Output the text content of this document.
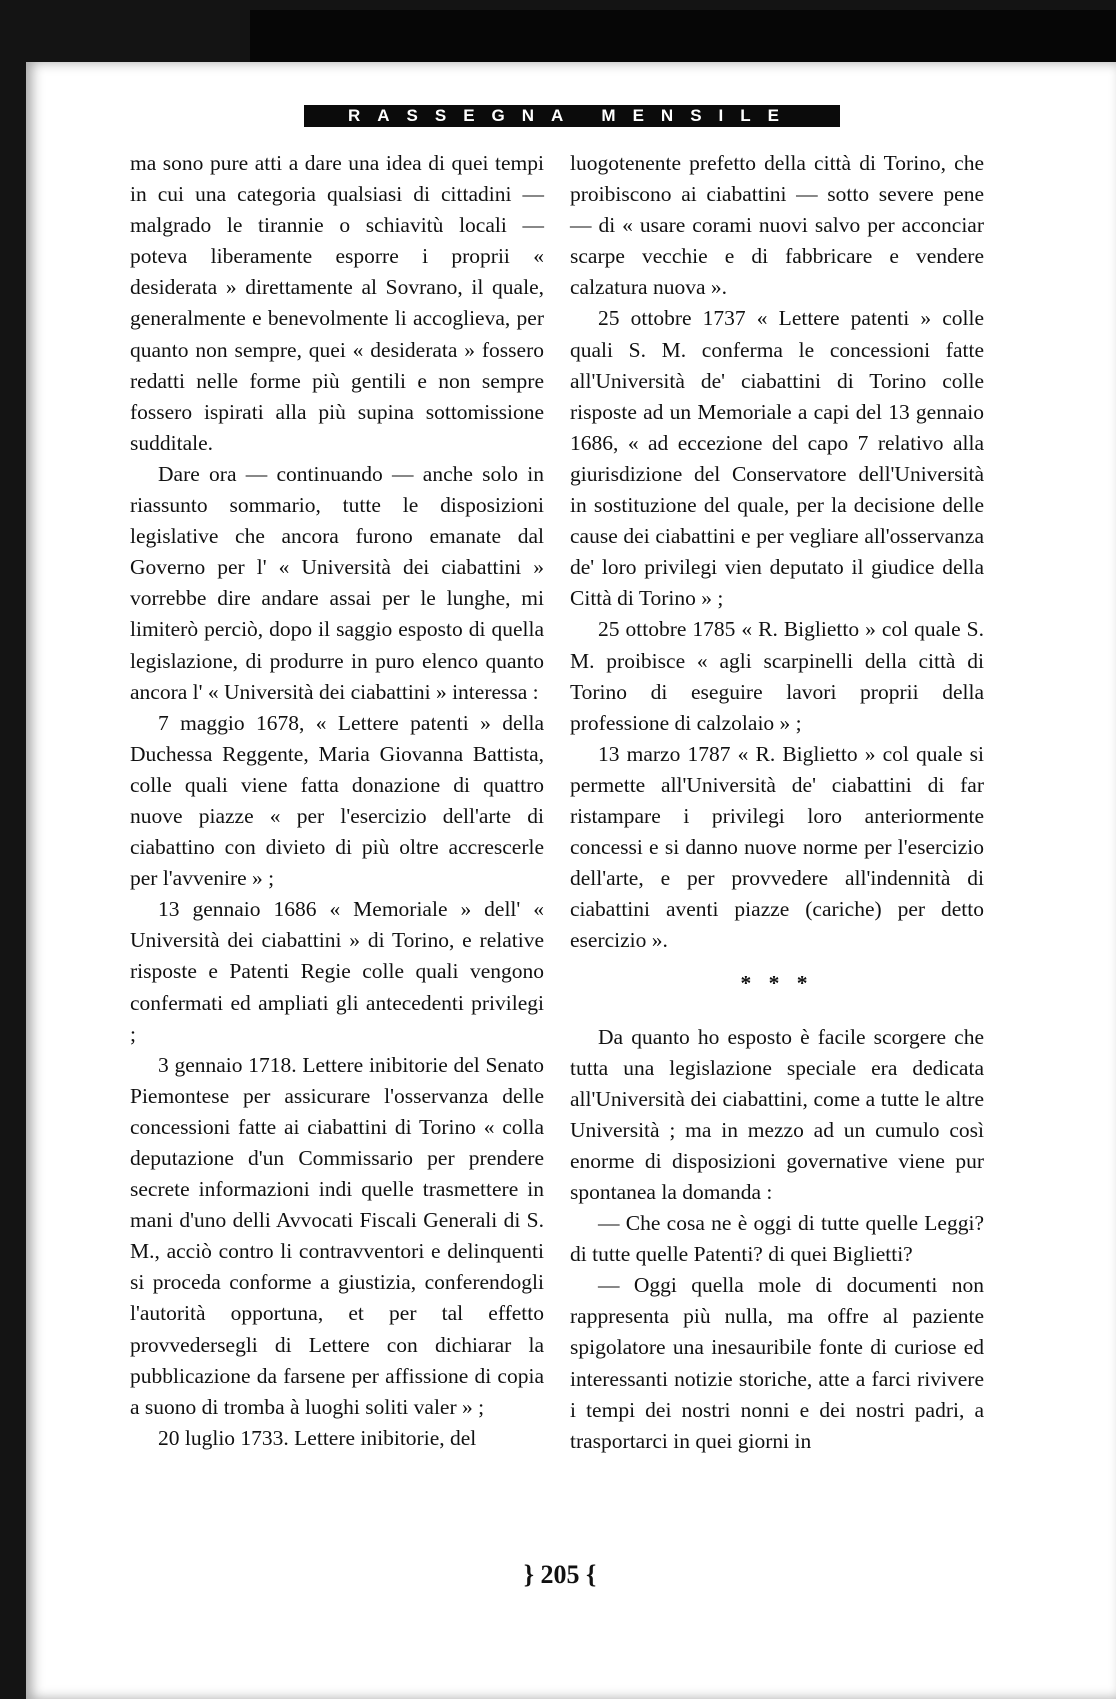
RASSEGNA MENSILE

ma sono pure atti a dare una idea di quei tempi in cui una categoria qualsiasi di cittadini — malgrado le tirannie o schiavitù locali — poteva liberamente esporre i proprii « desiderata » direttamente al Sovrano, il quale, generalmente e benevolmente li accoglieva, per quanto non sempre, quei « desiderata » fossero redatti nelle forme più gentili e non sempre fossero ispirati alla più supina sottomissione sudditale.

Dare ora — continuando — anche solo in riassunto sommario, tutte le disposizioni legislative che ancora furono emanate dal Governo per l' « Università dei ciabattini » vorrebbe dire andare assai per le lunghe, mi limiterò perciò, dopo il saggio esposto di quella legislazione, di produrre in puro elenco quanto ancora l' « Università dei ciabattini » interessa :

7 maggio 1678, « Lettere patenti » della Duchessa Reggente, Maria Giovanna Battista, colle quali viene fatta donazione di quattro nuove piazze « per l'esercizio dell'arte di ciabattino con divieto di più oltre accrescerle per l'avvenire » ;

13 gennaio 1686 « Memoriale » dell' « Università dei ciabattini » di Torino, e relative risposte e Patenti Regie colle quali vengono confermati ed ampliati gli antecedenti privilegi ;

3 gennaio 1718. Lettere inibitorie del Senato Piemontese per assicurare l'osservanza delle concessioni fatte ai ciabattini di Torino « colla deputazione d'un Commissario per prendere secrete informazioni indi quelle trasmettere in mani d'uno delli Avvocati Fiscali Generali di S. M., acciò contro li contravventori e delinquenti si proceda conforme a giustizia, conferendogli l'autorità opportuna, et per tal effetto provvedersegli di Lettere con dichiarar la pubblicazione da farsene per affissione di copia a suono di tromba à luoghi soliti valer » ;

20 luglio 1733. Lettere inibitorie, del

luogotenente prefetto della città di Torino, che proibiscono ai ciabattini — sotto severe pene — di « usare corami nuovi salvo per acconciar scarpe vecchie e di fabbricare e vendere calzatura nuova ».

25 ottobre 1737 « Lettere patenti » colle quali S. M. conferma le concessioni fatte all'Università de' ciabattini di Torino colle risposte ad un Memoriale a capi del 13 gennaio 1686, « ad eccezione del capo 7 relativo alla giurisdizione del Conservatore dell'Università in sostituzione del quale, per la decisione delle cause dei ciabattini e per vegliare all'osservanza de' loro privilegi vien deputato il giudice della Città di Torino » ;

25 ottobre 1785 « R. Biglietto » col quale S. M. proibisce « agli scarpinelli della città di Torino di eseguire lavori proprii della professione di calzolaio » ;

13 marzo 1787 « R. Biglietto » col quale si permette all'Università de' ciabattini di far ristampare i privilegi loro anteriormente concessi e si danno nuove norme per l'esercizio dell'arte, e per provvedere all'indennità di ciabattini aventi piazze (cariche) per detto esercizio ».

* * *

Da quanto ho esposto è facile scorgere che tutta una legislazione speciale era dedicata all'Università dei ciabattini, come a tutte le altre Università ; ma in mezzo ad un cumulo così enorme di disposizioni governative viene pur spontanea la domanda :

— Che cosa ne è oggi di tutte quelle Leggi? di tutte quelle Patenti? di quei Biglietti?

— Oggi quella mole di documenti non rappresenta più nulla, ma offre al paziente spigolatore una inesauribile fonte di curiose ed interessanti notizie storiche, atte a farci rivivere i tempi dei nostri nonni e dei nostri padri, a trasportarci in quei giorni in

} 205 {
